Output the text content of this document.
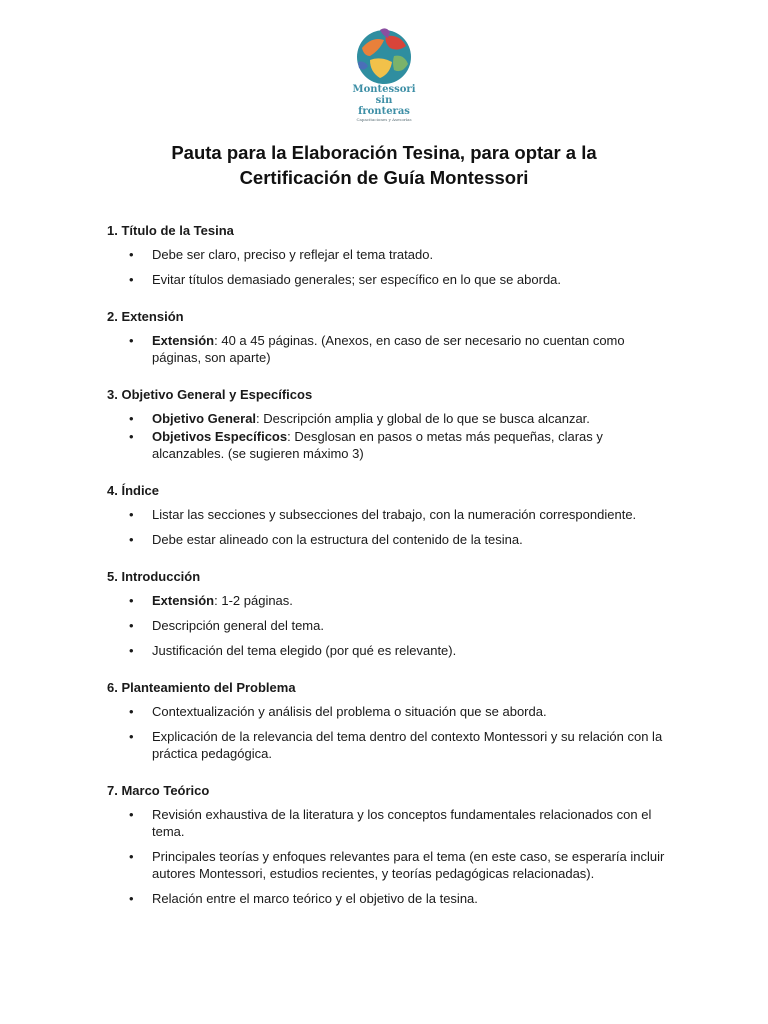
Montessori
sin fronteras
Capacitaciones y Asesorías
Pauta para la Elaboración Tesina, para optar a la
Certificación de Guía Montessori
1. Título de la Tesina
• Debe ser claro, preciso y reflejar el tema tratado.
• Evitar títulos demasiado generales; ser específico en lo que se aborda.
2. Extensión
• Extensión: 40 a 45 páginas. (Anexos, en caso de ser necesario no cuentan como páginas, son aparte)
3. Objetivo General y Específicos
• Objetivo General: Descripción amplia y global de lo que se busca alcanzar.
• Objetivos Específicos: Desglosan en pasos o metas más pequeñas, claras y alcanzables. (se sugieren máximo 3)
4. Índice
• Listar las secciones y subsecciones del trabajo, con la numeración correspondiente.
• Debe estar alineado con la estructura del contenido de la tesina.
5. Introducción
• Extensión: 1-2 páginas.
• Descripción general del tema.
• Justificación del tema elegido (por qué es relevante).
6. Planteamiento del Problema
• Contextualización y análisis del problema o situación que se aborda.
• Explicación de la relevancia del tema dentro del contexto Montessori y su relación con la práctica pedagógica.
7. Marco Teórico
• Revisión exhaustiva de la literatura y los conceptos fundamentales relacionados con el tema.
• Principales teorías y enfoques relevantes para el tema (en este caso, se esperaría incluir autores Montessori, estudios recientes, y teorías pedagógicas relacionadas).
• Relación entre el marco teórico y el objetivo de la tesina.
